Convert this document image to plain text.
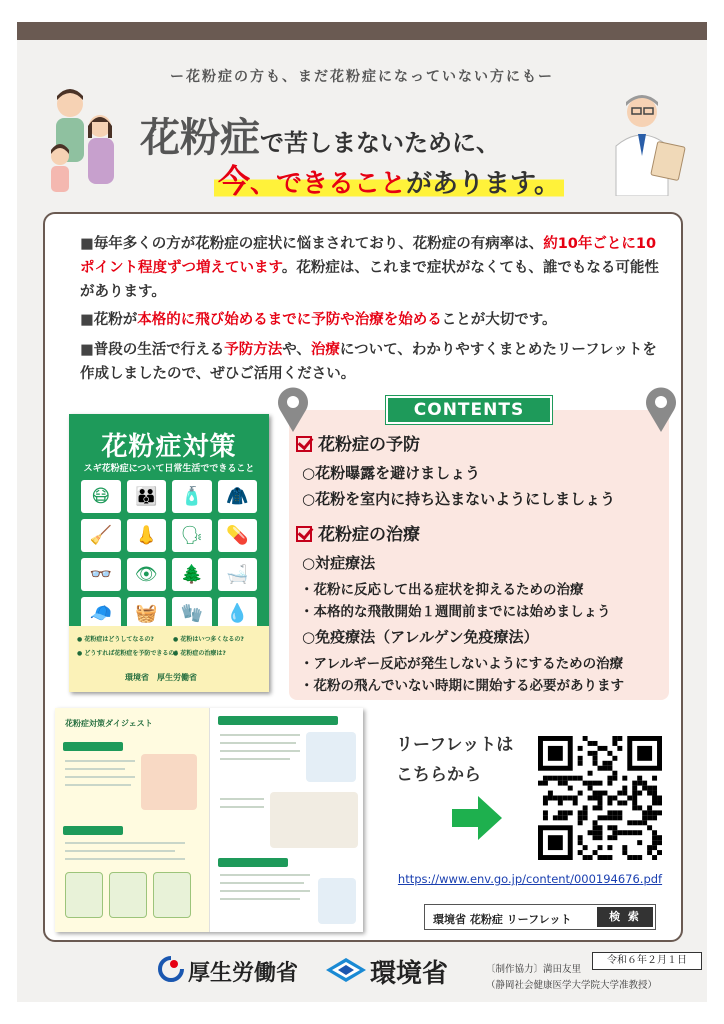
ー花粉症の方も、まだ花粉症になっていない方にもー
花粉症で苦しまないために、
今、できることがあります。
■毎年多くの方が花粉症の症状に悩まされており、花粉症の有病率は、約10年ごとに10ポイント程度ずつ増えています。花粉症は、これまで症状がなくても、誰でもなる可能性があります。
■花粉が本格的に飛び始めるまでに予防や治療を始めることが大切です。
■普段の生活で行える予防方法や、治療について、わかりやすくまとめたリーフレットを作成しましたので、ぜひご活用ください。
花粉症対策
スギ花粉症について日常生活でできること
😷	👪	🧴	🧥
🧹	👃	🗣	💊
👓	👁	🌲	🛁
🧢	🧺	🧤	💧
● 花粉症はどうしてなるの?	● 花粉はいつ多くなるの?
● どうすれば花粉症を予防できるの?
● 花粉症の治療は?
環境省　厚生労働省
CONTENTS
花粉症の予防
○花粉曝露を避けましょう
○花粉を室内に持ち込まないようにしましょう
花粉症の治療
○対症療法
・花粉に反応して出る症状を抑えるための治療
・本格的な飛散開始１週間前までには始めましょう
○免疫療法（アレルゲン免疫療法）
・アレルギー反応が発生しないようにするための治療
・花粉の飛んでいない時期に開始する必要があります
花粉症対策ダイジェスト
リーフレットは
こちらから
https://www.env.go.jp/content/000194676.pdf
環境省 花粉症 リーフレット	検 索
令和６年２月１日
厚生労働省	環境省	〔制作協力〕満田友里
（静岡社会健康医学大学院大学准教授）
